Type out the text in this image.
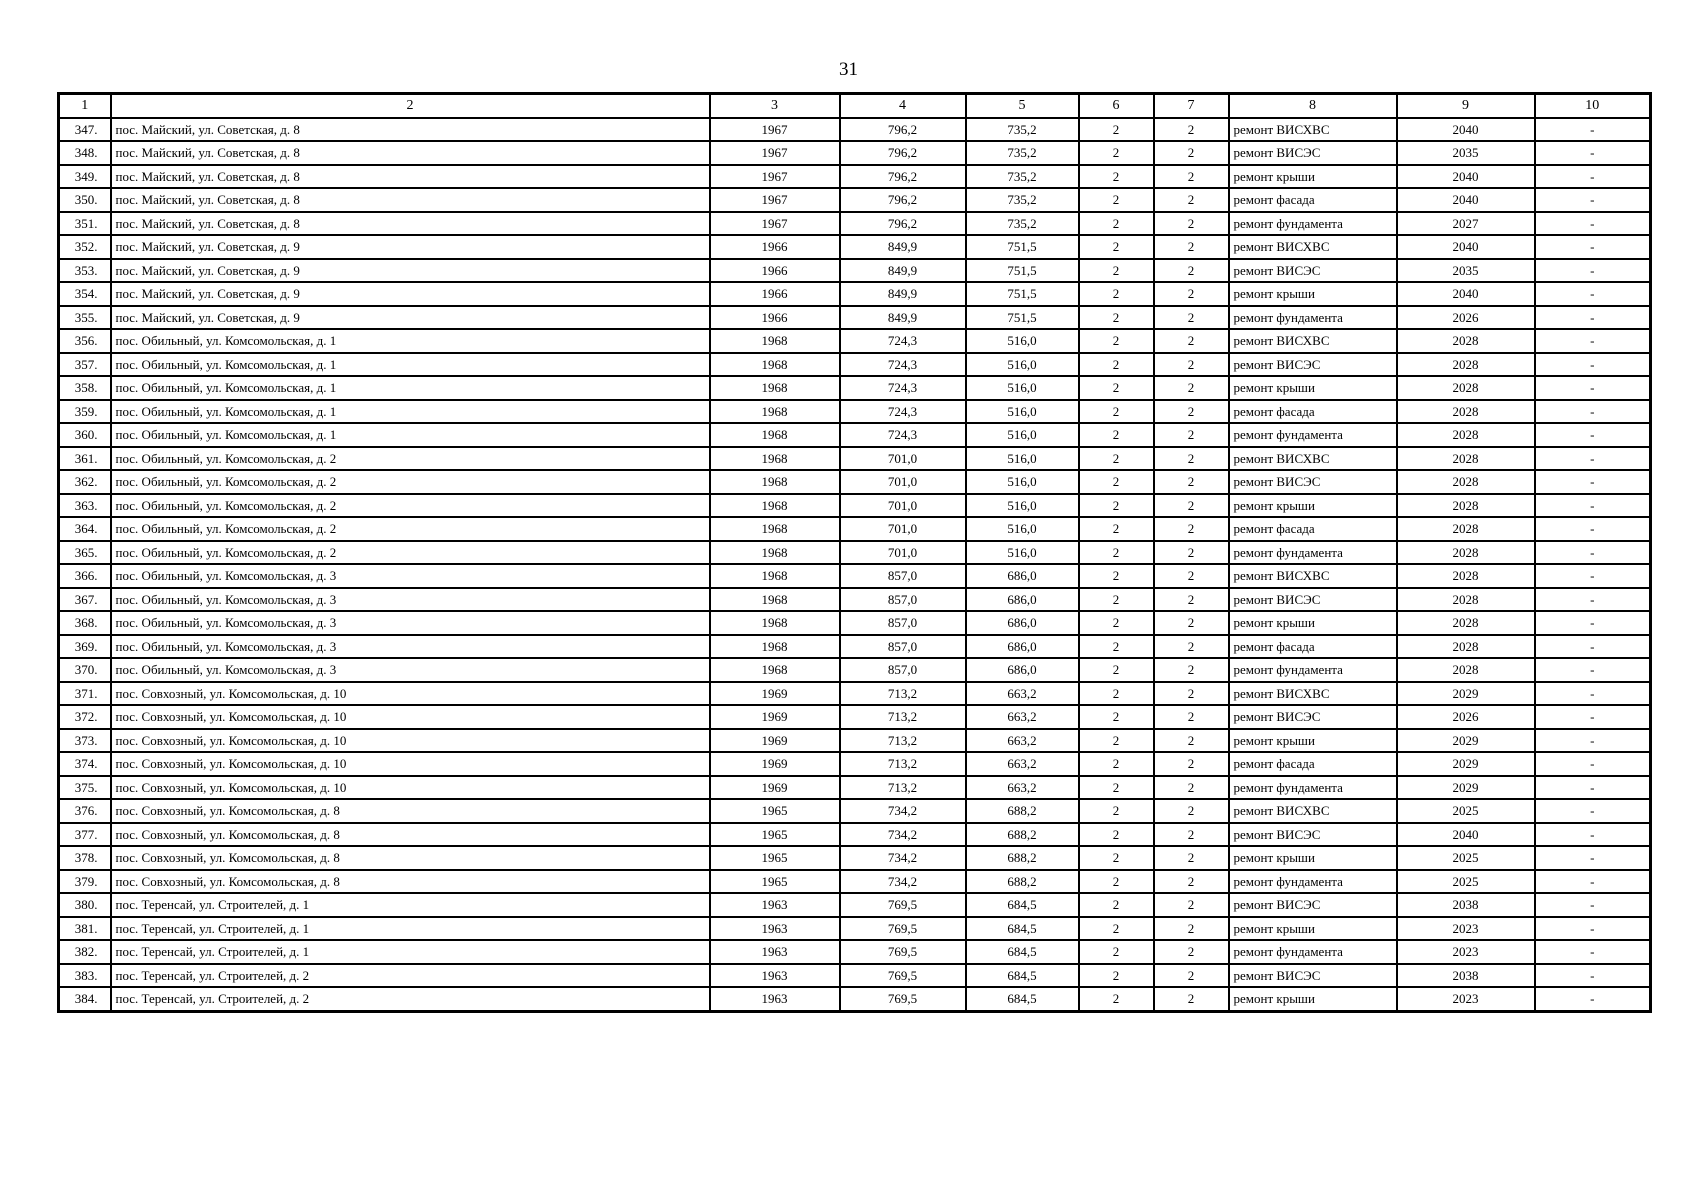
31
1	2	3	4	5	6	7	8	9	10
347.	пос. Майский, ул. Советская, д. 8	1967	796,2	735,2	2	2	ремонт ВИСХВС	2040	-
348.	пос. Майский, ул. Советская, д. 8	1967	796,2	735,2	2	2	ремонт ВИСЭС	2035	-
349.	пос. Майский, ул. Советская, д. 8	1967	796,2	735,2	2	2	ремонт крыши	2040	-
350.	пос. Майский, ул. Советская, д. 8	1967	796,2	735,2	2	2	ремонт фасада	2040	-
351.	пос. Майский, ул. Советская, д. 8	1967	796,2	735,2	2	2	ремонт фундамента	2027	-
352.	пос. Майский, ул. Советская, д. 9	1966	849,9	751,5	2	2	ремонт ВИСХВС	2040	-
353.	пос. Майский, ул. Советская, д. 9	1966	849,9	751,5	2	2	ремонт ВИСЭС	2035	-
354.	пос. Майский, ул. Советская, д. 9	1966	849,9	751,5	2	2	ремонт крыши	2040	-
355.	пос. Майский, ул. Советская, д. 9	1966	849,9	751,5	2	2	ремонт фундамента	2026	-
356.	пос. Обильный, ул. Комсомольская, д. 1	1968	724,3	516,0	2	2	ремонт ВИСХВС	2028	-
357.	пос. Обильный, ул. Комсомольская, д. 1	1968	724,3	516,0	2	2	ремонт ВИСЭС	2028	-
358.	пос. Обильный, ул. Комсомольская, д. 1	1968	724,3	516,0	2	2	ремонт крыши	2028	-
359.	пос. Обильный, ул. Комсомольская, д. 1	1968	724,3	516,0	2	2	ремонт фасада	2028	-
360.	пос. Обильный, ул. Комсомольская, д. 1	1968	724,3	516,0	2	2	ремонт фундамента	2028	-
361.	пос. Обильный, ул. Комсомольская, д. 2	1968	701,0	516,0	2	2	ремонт ВИСХВС	2028	-
362.	пос. Обильный, ул. Комсомольская, д. 2	1968	701,0	516,0	2	2	ремонт ВИСЭС	2028	-
363.	пос. Обильный, ул. Комсомольская, д. 2	1968	701,0	516,0	2	2	ремонт крыши	2028	-
364.	пос. Обильный, ул. Комсомольская, д. 2	1968	701,0	516,0	2	2	ремонт фасада	2028	-
365.	пос. Обильный, ул. Комсомольская, д. 2	1968	701,0	516,0	2	2	ремонт фундамента	2028	-
366.	пос. Обильный, ул. Комсомольская, д. 3	1968	857,0	686,0	2	2	ремонт ВИСХВС	2028	-
367.	пос. Обильный, ул. Комсомольская, д. 3	1968	857,0	686,0	2	2	ремонт ВИСЭС	2028	-
368.	пос. Обильный, ул. Комсомольская, д. 3	1968	857,0	686,0	2	2	ремонт крыши	2028	-
369.	пос. Обильный, ул. Комсомольская, д. 3	1968	857,0	686,0	2	2	ремонт фасада	2028	-
370.	пос. Обильный, ул. Комсомольская, д. 3	1968	857,0	686,0	2	2	ремонт фундамента	2028	-
371.	пос. Совхозный, ул. Комсомольская, д. 10	1969	713,2	663,2	2	2	ремонт ВИСХВС	2029	-
372.	пос. Совхозный, ул. Комсомольская, д. 10	1969	713,2	663,2	2	2	ремонт ВИСЭС	2026	-
373.	пос. Совхозный, ул. Комсомольская, д. 10	1969	713,2	663,2	2	2	ремонт крыши	2029	-
374.	пос. Совхозный, ул. Комсомольская, д. 10	1969	713,2	663,2	2	2	ремонт фасада	2029	-
375.	пос. Совхозный, ул. Комсомольская, д. 10	1969	713,2	663,2	2	2	ремонт фундамента	2029	-
376.	пос. Совхозный, ул. Комсомольская, д. 8	1965	734,2	688,2	2	2	ремонт ВИСХВС	2025	-
377.	пос. Совхозный, ул. Комсомольская, д. 8	1965	734,2	688,2	2	2	ремонт ВИСЭС	2040	-
378.	пос. Совхозный, ул. Комсомольская, д. 8	1965	734,2	688,2	2	2	ремонт крыши	2025	-
379.	пос. Совхозный, ул. Комсомольская, д. 8	1965	734,2	688,2	2	2	ремонт фундамента	2025	-
380.	пос. Теренсай, ул. Строителей, д. 1	1963	769,5	684,5	2	2	ремонт ВИСЭС	2038	-
381.	пос. Теренсай, ул. Строителей, д. 1	1963	769,5	684,5	2	2	ремонт крыши	2023	-
382.	пос. Теренсай, ул. Строителей, д. 1	1963	769,5	684,5	2	2	ремонт фундамента	2023	-
383.	пос. Теренсай, ул. Строителей, д. 2	1963	769,5	684,5	2	2	ремонт ВИСЭС	2038	-
384.	пос. Теренсай, ул. Строителей, д. 2	1963	769,5	684,5	2	2	ремонт крыши	2023	-
